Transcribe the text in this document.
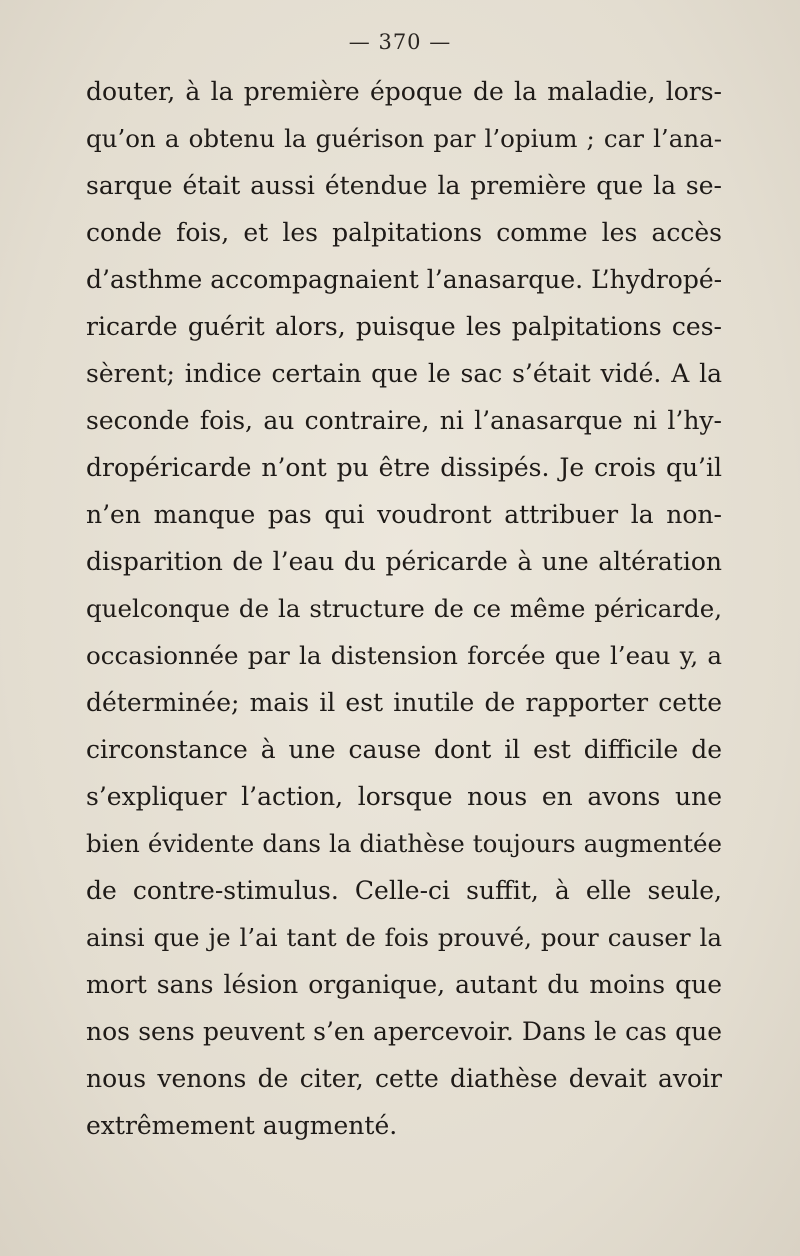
— 370 —
douter, à la première époque de la maladie, lors-
qu’on a obtenu la guérison par l’opium ; car l’ana-
sarque était aussi étendue la première que la se-
conde fois, et les palpitations comme les accès
d’asthme accompagnaient l’anasarque. L’hydropé-
ricarde guérit alors, puisque les palpitations ces-
sèrent; indice certain que le sac s’était vidé. A la
seconde fois, au contraire, ni l’anasarque ni l’hy-
dropéricarde n’ont pu être dissipés. Je crois qu’il
n’en manque pas qui voudront attribuer la non-
disparition de l’eau du péricarde à une altération
quelconque de la structure de ce même péricarde,
occasionnée par la distension forcée que l’eau y, a
déterminée; mais il est inutile de rapporter cette
circonstance à une cause dont il est difficile de
s’expliquer l’action, lorsque nous en avons une
bien évidente dans la diathèse toujours augmentée
de contre-stimulus. Celle-ci suffit, à elle seule,
ainsi que je l’ai tant de fois prouvé, pour causer la
mort sans lésion organique, autant du moins que
nos sens peuvent s’en apercevoir. Dans le cas que
nous venons de citer, cette diathèse devait avoir
extrêmement augmenté.
